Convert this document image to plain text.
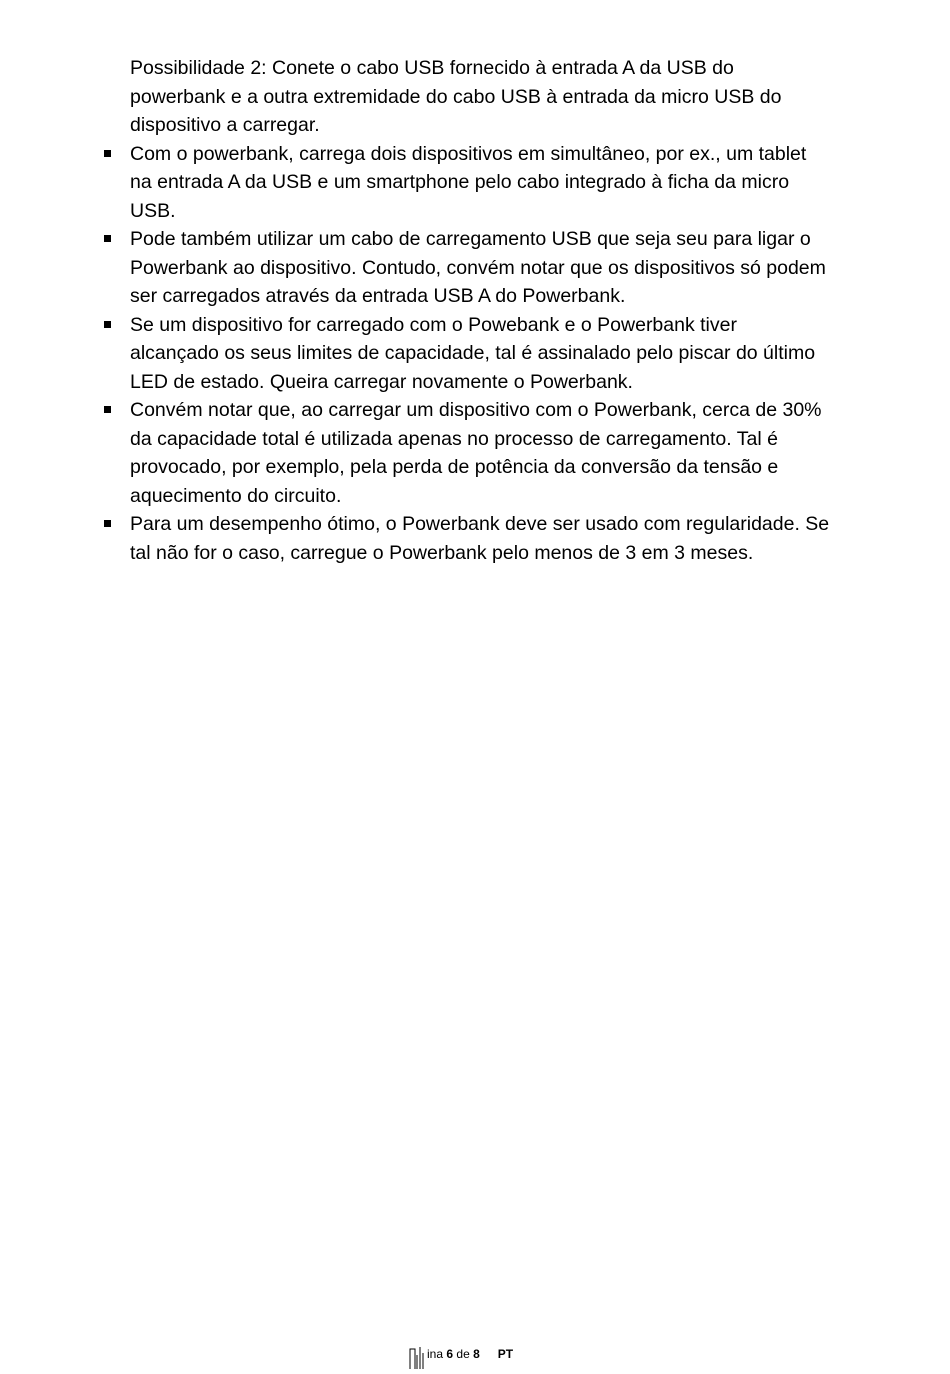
Possibilidade 2: Conete o cabo USB fornecido à entrada A da USB do powerbank e a outra extremidade do cabo USB à entrada da micro USB do dispositivo a carregar.

Com o powerbank, carrega dois dispositivos em simultâneo, por ex., um tablet na entrada A da USB e um smartphone pelo cabo integrado à ficha da micro USB.
Pode também utilizar um cabo de carregamento USB que seja seu para ligar o Powerbank ao dispositivo. Contudo, convém notar que os dispositivos só podem ser carregados através da entrada USB A do Powerbank.
Se um dispositivo for carregado com o Powebank e o Powerbank tiver alcançado os seus limites de capacidade, tal é assinalado pelo piscar do último LED de estado. Queira carregar novamente o Powerbank.
Convém notar que, ao carregar um dispositivo com o Powerbank, cerca de 30% da capacidade total é utilizada apenas no processo de carregamento. Tal é provocado, por exemplo, pela perda de potência da conversão da tensão e aquecimento do circuito.
Para um desempenho ótimo, o Powerbank deve ser usado com regularidade. Se tal não for o caso, carregue o Powerbank pelo menos de 3 em 3 meses.
ina 6 de 8 PT
